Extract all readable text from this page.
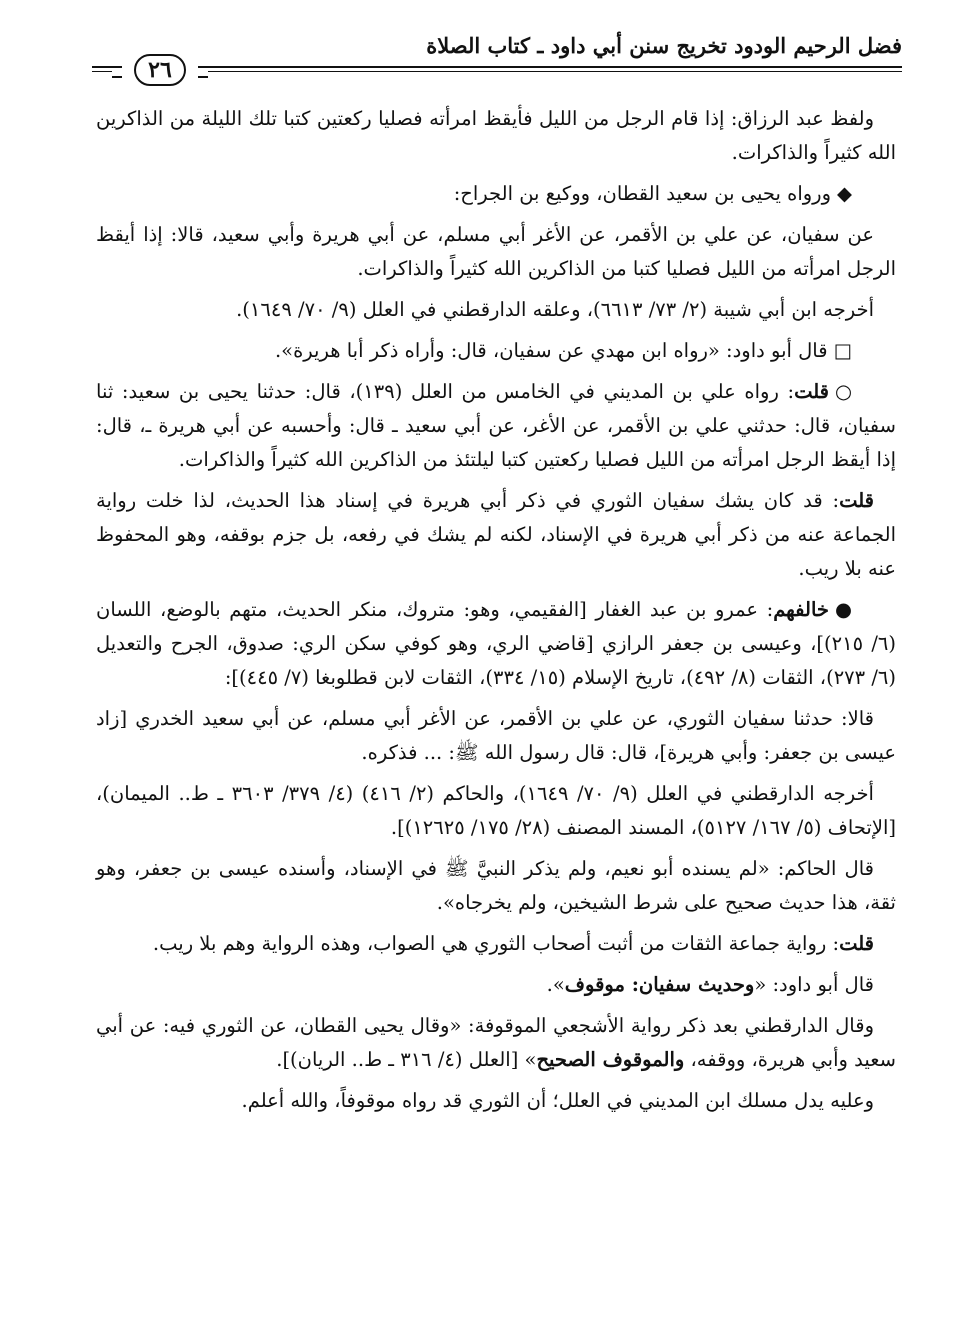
فضل الرحيم الودود تخريج سنن أبي داود ـ كتاب الصلاة
٢٦

ولفظ عبد الرزاق: إذا قام الرجل من الليل فأيقظ امرأته فصليا ركعتين كتبا تلك الليلة من الذاكرين الله كثيراً والذاكرات.

◆ورواه يحيى بن سعيد القطان، ووكيع بن الجراح:

عن سفيان، عن علي بن الأقمر، عن الأغر أبي مسلم، عن أبي هريرة وأبي سعيد، قالا: إذا أيقظ الرجل امرأته من الليل فصليا كتبا من الذاكرين الله كثيراً والذاكرات.

أخرجه ابن أبي شيبة (٢/ ٧٣/ ٦٦١٣)، وعلقه الدارقطني في العلل (٩/ ٧٠/ ١٦٤٩).

□قال أبو داود: «رواه ابن مهدي عن سفيان، قال: وأراه ذكر أبا هريرة».

○قلت: رواه علي بن المديني في الخامس من العلل (١٣٩)، قال: حدثنا يحيى بن سعيد: ثنا سفيان، قال: حدثني علي بن الأقمر، عن الأغر، عن أبي سعيد ـ قال: وأحسبه عن أبي هريرة ـ، قال: إذا أيقظ الرجل امرأته من الليل فصليا ركعتين كتبا ليلتئذ من الذاكرين الله كثيراً والذاكرات.

قلت: قد كان يشك سفيان الثوري في ذكر أبي هريرة في إسناد هذا الحديث، لذا خلت رواية الجماعة عنه من ذكر أبي هريرة في الإسناد، لكنه لم يشك في رفعه، بل جزم بوقفه، وهو المحفوظ عنه بلا ريب.

●خالفهم: عمرو بن عبد الغفار [الفقيمي، وهو: متروك، منكر الحديث، متهم بالوضع، اللسان (٦/ ٢١٥)]، وعيسى بن جعفر الرازي [قاضي الري، وهو كوفي سكن الري: صدوق، الجرح والتعديل (٦/ ٢٧٣)، الثقات (٨/ ٤٩٢)، تاريخ الإسلام (١٥/ ٣٣٤)، الثقات لابن قطلوبغا (٧/ ٤٤٥)]:

قالا: حدثنا سفيان الثوري، عن علي بن الأقمر، عن الأغر أبي مسلم، عن أبي سعيد الخدري [زاد عيسى بن جعفر: وأبي هريرة]، قال: قال رسول الله ﷺ: ... فذكره.

أخرجه الدارقطني في العلل (٩/ ٧٠/ ١٦٤٩)، والحاكم (٢/ ٤١٦) (٤/ ٣٧٩/ ٣٦٠٣ ـ ط.. الميمان)، [الإتحاف (٥/ ١٦٧/ ٥١٢٧)، المسند المصنف (٢٨/ ١٧٥/ ١٢٦٢٥)].

قال الحاكم: «لم يسنده أبو نعيم، ولم يذكر النبيَّ ﷺ في الإسناد، وأسنده عيسى بن جعفر، وهو ثقة، هذا حديث صحيح على شرط الشيخين، ولم يخرجاه».

قلت: رواية جماعة الثقات من أثبت أصحاب الثوري هي الصواب، وهذه الرواية وهم بلا ريب.

قال أبو داود: «وحديث سفيان: موقوف».

وقال الدارقطني بعد ذكر رواية الأشجعي الموقوفة: «وقال يحيى القطان، عن الثوري فيه: عن أبي سعيد وأبي هريرة، ووقفه، والموقوف الصحيح» [العلل (٤/ ٣١٦ ـ ط.. الريان)].

وعليه يدل مسلك ابن المديني في العلل؛ أن الثوري قد رواه موقوفاً، والله أعلم.
